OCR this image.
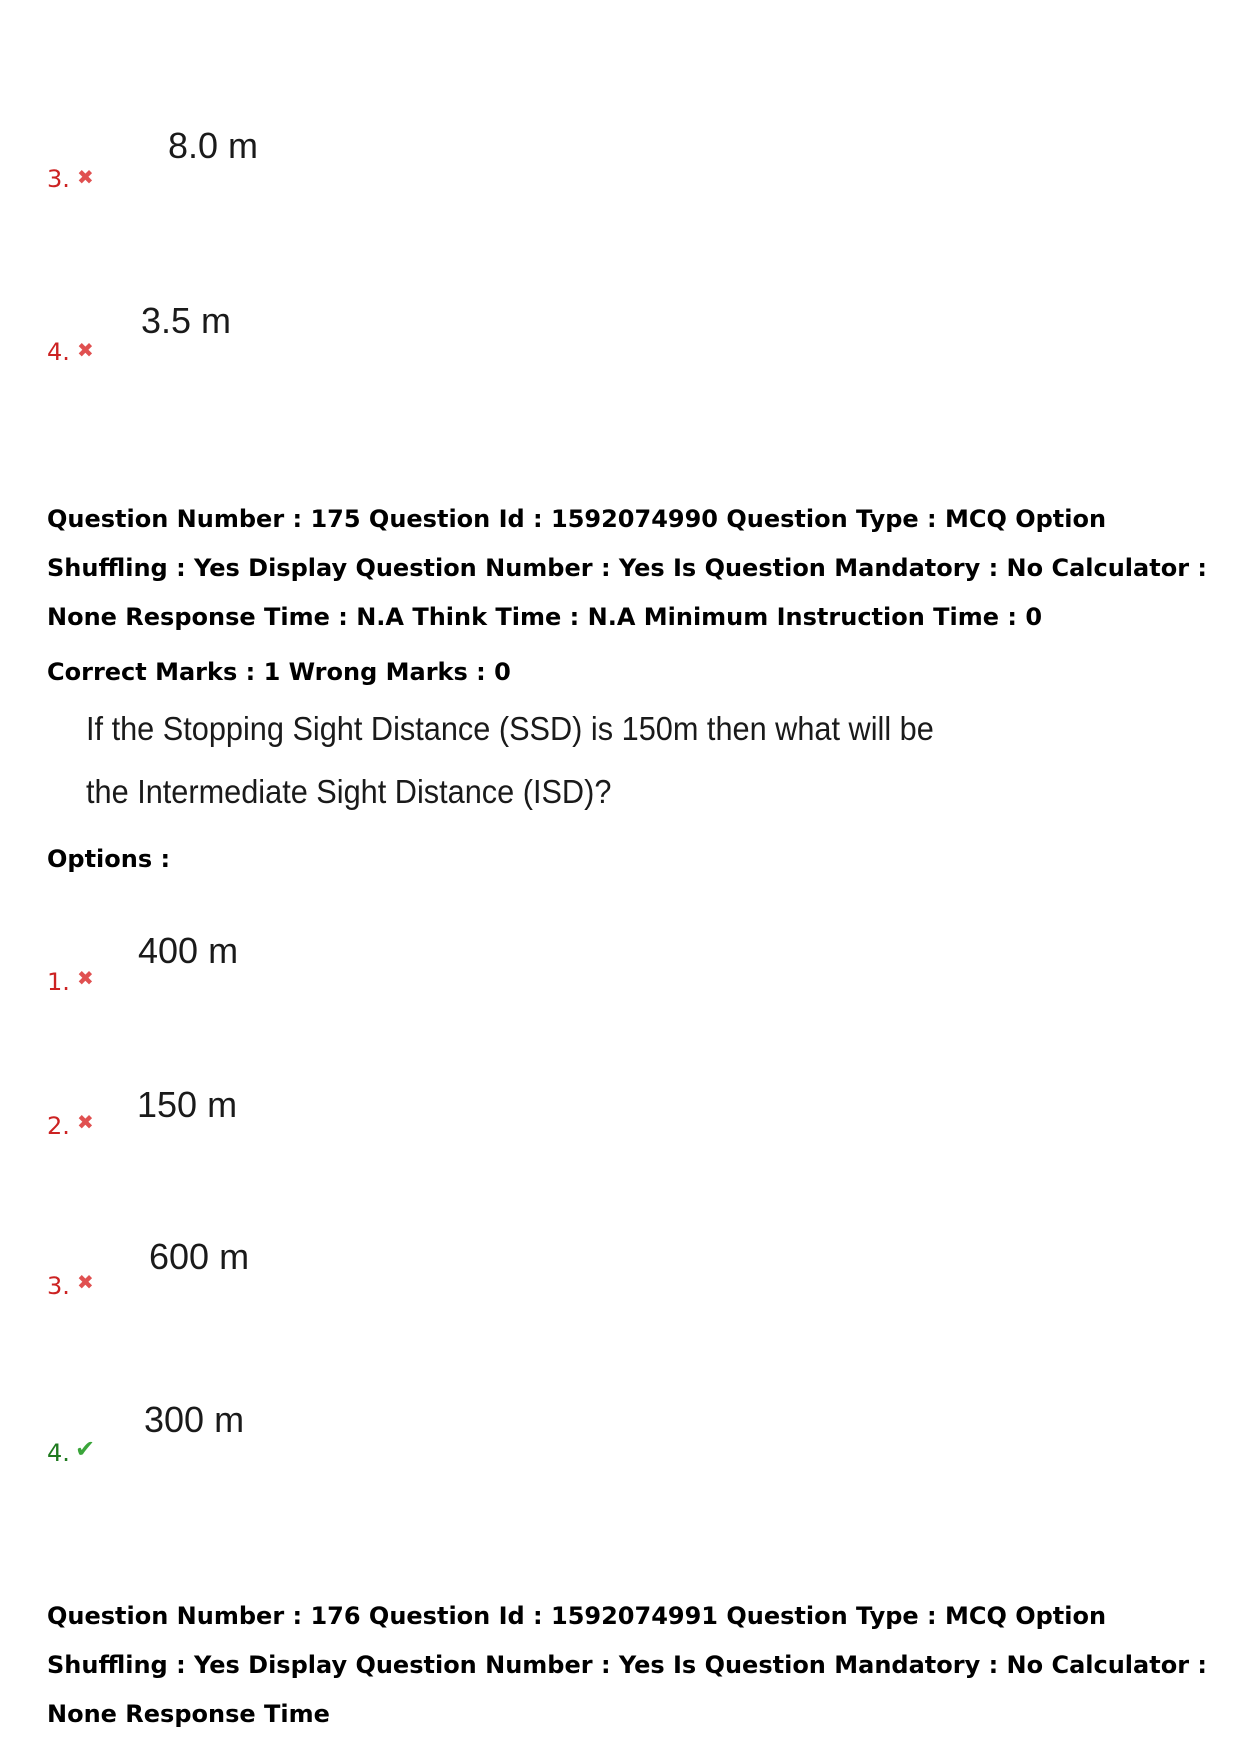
3. ✖
8.0 m
4. ✖
3.5 m
Question Number : 175 Question Id : 1592074990 Question Type : MCQ Option Shuffling : Yes Display Question Number : Yes Is Question Mandatory : No Calculator : None Response Time : N.A Think Time : N.A Minimum Instruction Time : 0
Correct Marks : 1 Wrong Marks : 0
If the Stopping Sight Distance (SSD) is 150m then what will be
the Intermediate Sight Distance (ISD)?
Options :
1. ✖
400 m
2. ✖ 150 m
3. ✖
600 m
4. ✔
300 m
Question Number : 176 Question Id : 1592074991 Question Type : MCQ Option Shuffling : Yes Display Question Number : Yes Is Question Mandatory : No Calculator : None Response Time
